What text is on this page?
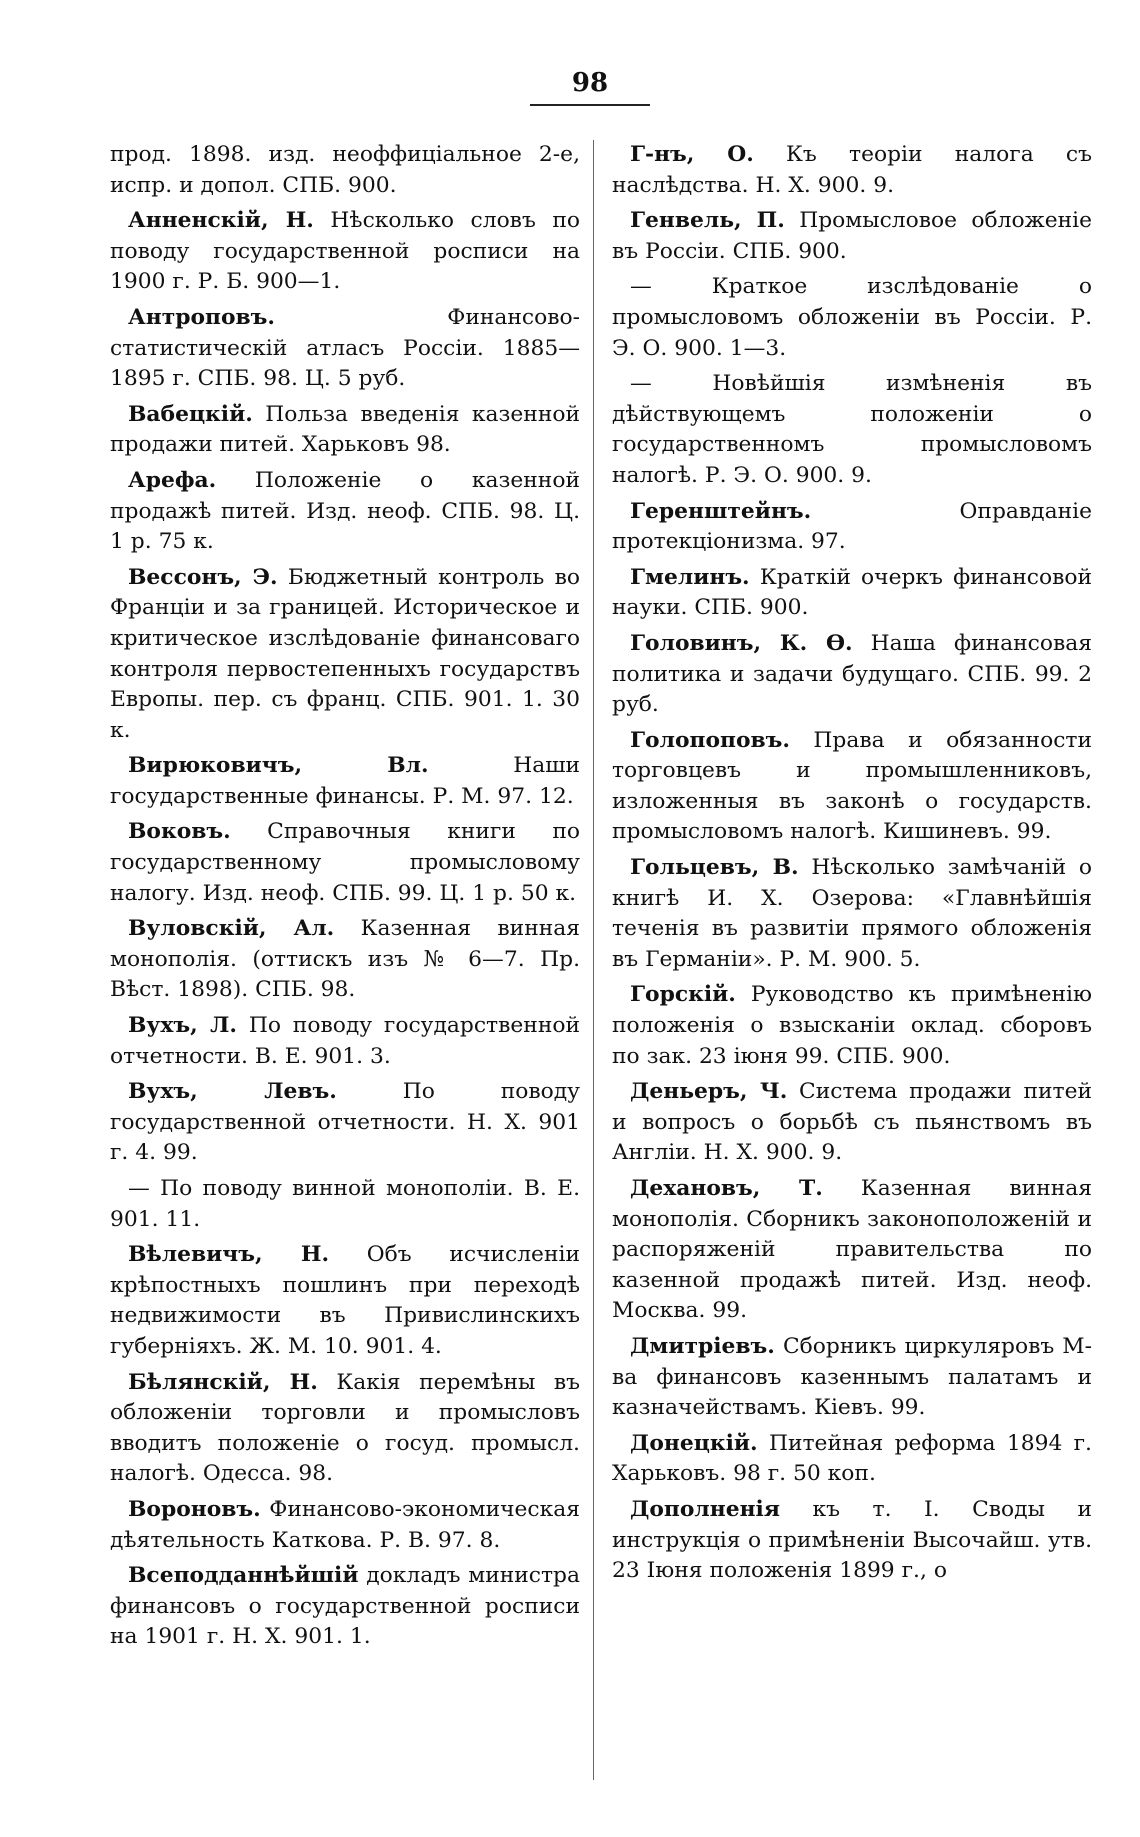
98

прод. 1898. изд. неоффиціальное 2-е, испр. и допол. СПБ. 900.

Анненскій, Н. Нѣсколько словъ по поводу государственной росписи на 1900 г. Р. Б. 900—1.

Антроповъ. Финансово-статистическій атласъ Россіи. 1885—1895 г. СПБ. 98. Ц. 5 руб.

Вабецкій. Польза введенія казенной продажи питей. Харьковъ 98.

Арефа. Положеніе о казенной продажѣ питей. Изд. неоф. СПБ. 98. Ц. 1 р. 75 к.

Вессонъ, Э. Бюджетный контроль во Франціи и за границей. Историческое и критическое изслѣдованіе финансоваго контроля первостепенныхъ государствъ Европы. пер. съ франц. СПБ. 901. 1. 30 к.

Вирюковичъ, Вл. Наши государственные финансы. Р. М. 97. 12.

Воковъ. Справочныя книги по государственному промысловому налогу. Изд. неоф. СПБ. 99. Ц. 1 р. 50 к.

Вуловскій, Ал. Казенная винная монополія. (оттискъ изъ № 6—7. Пр. Вѣст. 1898). СПБ. 98.

Вухъ, Л. По поводу государственной отчетности. В. Е. 901. 3.

Вухъ, Левъ. По поводу государственной отчетности. Н. Х. 901 г. 4. 99.

— По поводу винной монополіи. В. Е. 901. 11.

Вѣлевичъ, Н. Объ исчисленіи крѣпостныхъ пошлинъ при переходѣ недвижимости въ Привислинскихъ губерніяхъ. Ж. М. 10. 901. 4.

Бѣлянскій, Н. Какія перемѣны въ обложеніи торговли и промысловъ вводитъ положеніе о госуд. промысл. налогѣ. Одесса. 98.

Вороновъ. Финансово-экономическая дѣятельность Каткова. Р. В. 97. 8.

Всеподданнѣйшій докладъ министра финансовъ о государственной росписи на 1901 г. Н. Х. 901. 1.

Г-нъ, О. Къ теоріи налога съ наслѣдства. Н. Х. 900. 9.

Генвель, П. Промысловое обложеніе въ Россіи. СПБ. 900.

— Краткое изслѣдованіе о промысловомъ обложеніи въ Россіи. Р. Э. О. 900. 1—3.

— Новѣйшія измѣненія въ дѣйствующемъ положеніи о государственномъ промысловомъ налогѣ. Р. Э. О. 900. 9.

Геренштейнъ. Оправданіе протекціонизма. 97.

Гмелинъ. Краткій очеркъ финансовой науки. СПБ. 900.

Головинъ, К. Ѳ. Наша финансовая политика и задачи будущаго. СПБ. 99. 2 руб.

Голопоповъ. Права и обязанности торговцевъ и промышленниковъ, изложенныя въ законѣ о государств. промысловомъ налогѣ. Кишиневъ. 99.

Гольцевъ, В. Нѣсколько замѣчаній о книгѣ И. Х. Озерова: «Главнѣйшія теченія въ развитіи прямого обложенія въ Германіи». Р. М. 900. 5.

Горскій. Руководство къ примѣненію положенія о взысканіи оклад. сборовъ по зак. 23 іюня 99. СПБ. 900.

Деньеръ, Ч. Система продажи питей и вопросъ о борьбѣ съ пьянствомъ въ Англіи. Н. Х. 900. 9.

Дехановъ, Т. Казенная винная монополія. Сборникъ законоположеній и распоряженій правительства по казенной продажѣ питей. Изд. неоф. Москва. 99.

Дмитріевъ. Сборникъ циркуляровъ М-ва финансовъ казеннымъ палатамъ и казначействамъ. Кіевъ. 99.

Донецкій. Питейная реформа 1894 г. Харьковъ. 98 г. 50 коп.

Дополненія къ т. I. Своды и инструкція о примѣненіи Высочайш. утв. 23 Іюня положенія 1899 г., о
